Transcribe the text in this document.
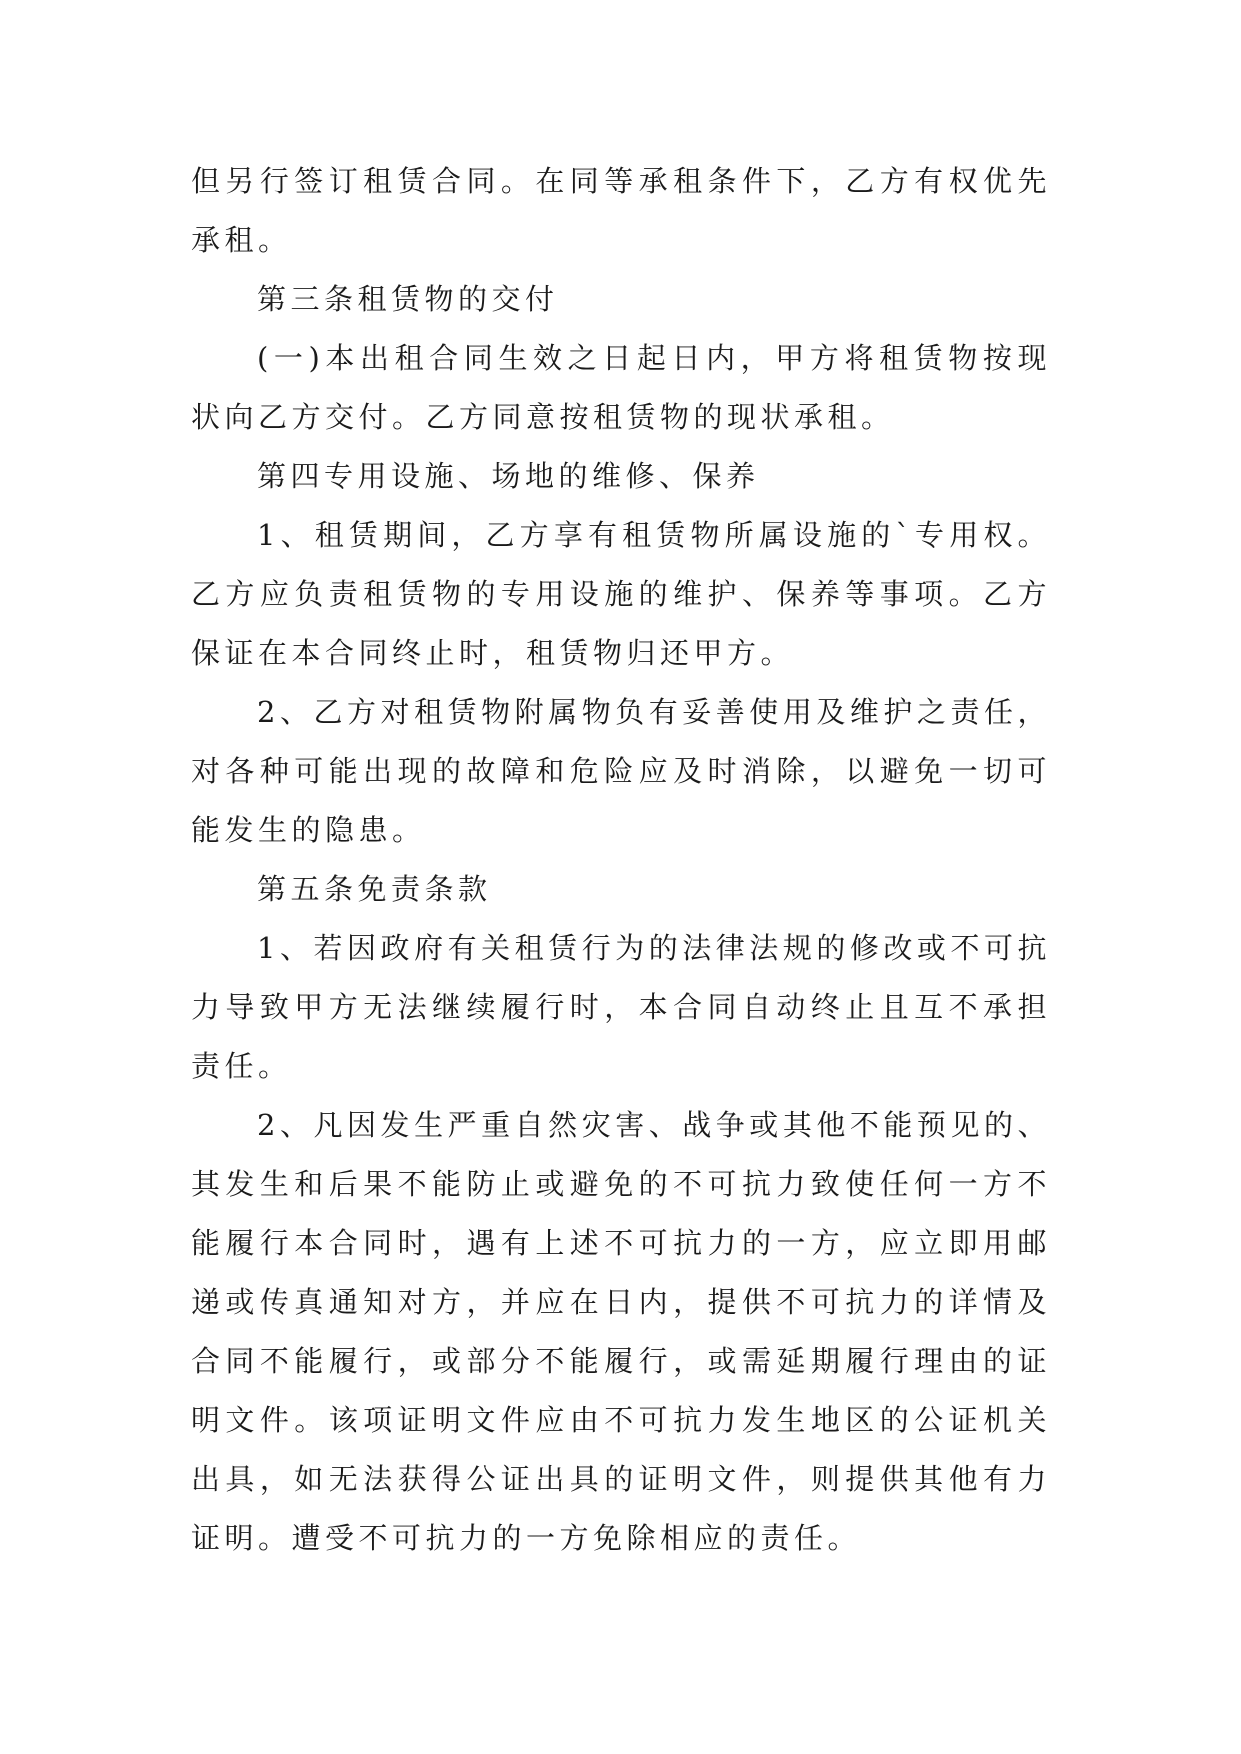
但另行签订租赁合同。在同等承租条件下，乙方有权优先承租。

第三条租赁物的交付

(一)本出租合同生效之日起日内，甲方将租赁物按现状向乙方交付。乙方同意按租赁物的现状承租。

第四专用设施、场地的维修、保养

1、租赁期间，乙方享有租赁物所属设施的`专用权。乙方应负责租赁物的专用设施的维护、保养等事项。乙方保证在本合同终止时，租赁物归还甲方。

2、乙方对租赁物附属物负有妥善使用及维护之责任，对各种可能出现的故障和危险应及时消除，以避免一切可能发生的隐患。

第五条免责条款

1、若因政府有关租赁行为的法律法规的修改或不可抗力导致甲方无法继续履行时，本合同自动终止且互不承担责任。

2、凡因发生严重自然灾害、战争或其他不能预见的、其发生和后果不能防止或避免的不可抗力致使任何一方不能履行本合同时，遇有上述不可抗力的一方，应立即用邮递或传真通知对方，并应在日内，提供不可抗力的详情及合同不能履行，或部分不能履行，或需延期履行理由的证明文件。该项证明文件应由不可抗力发生地区的公证机关出具，如无法获得公证出具的证明文件，则提供其他有力证明。遭受不可抗力的一方免除相应的责任。
